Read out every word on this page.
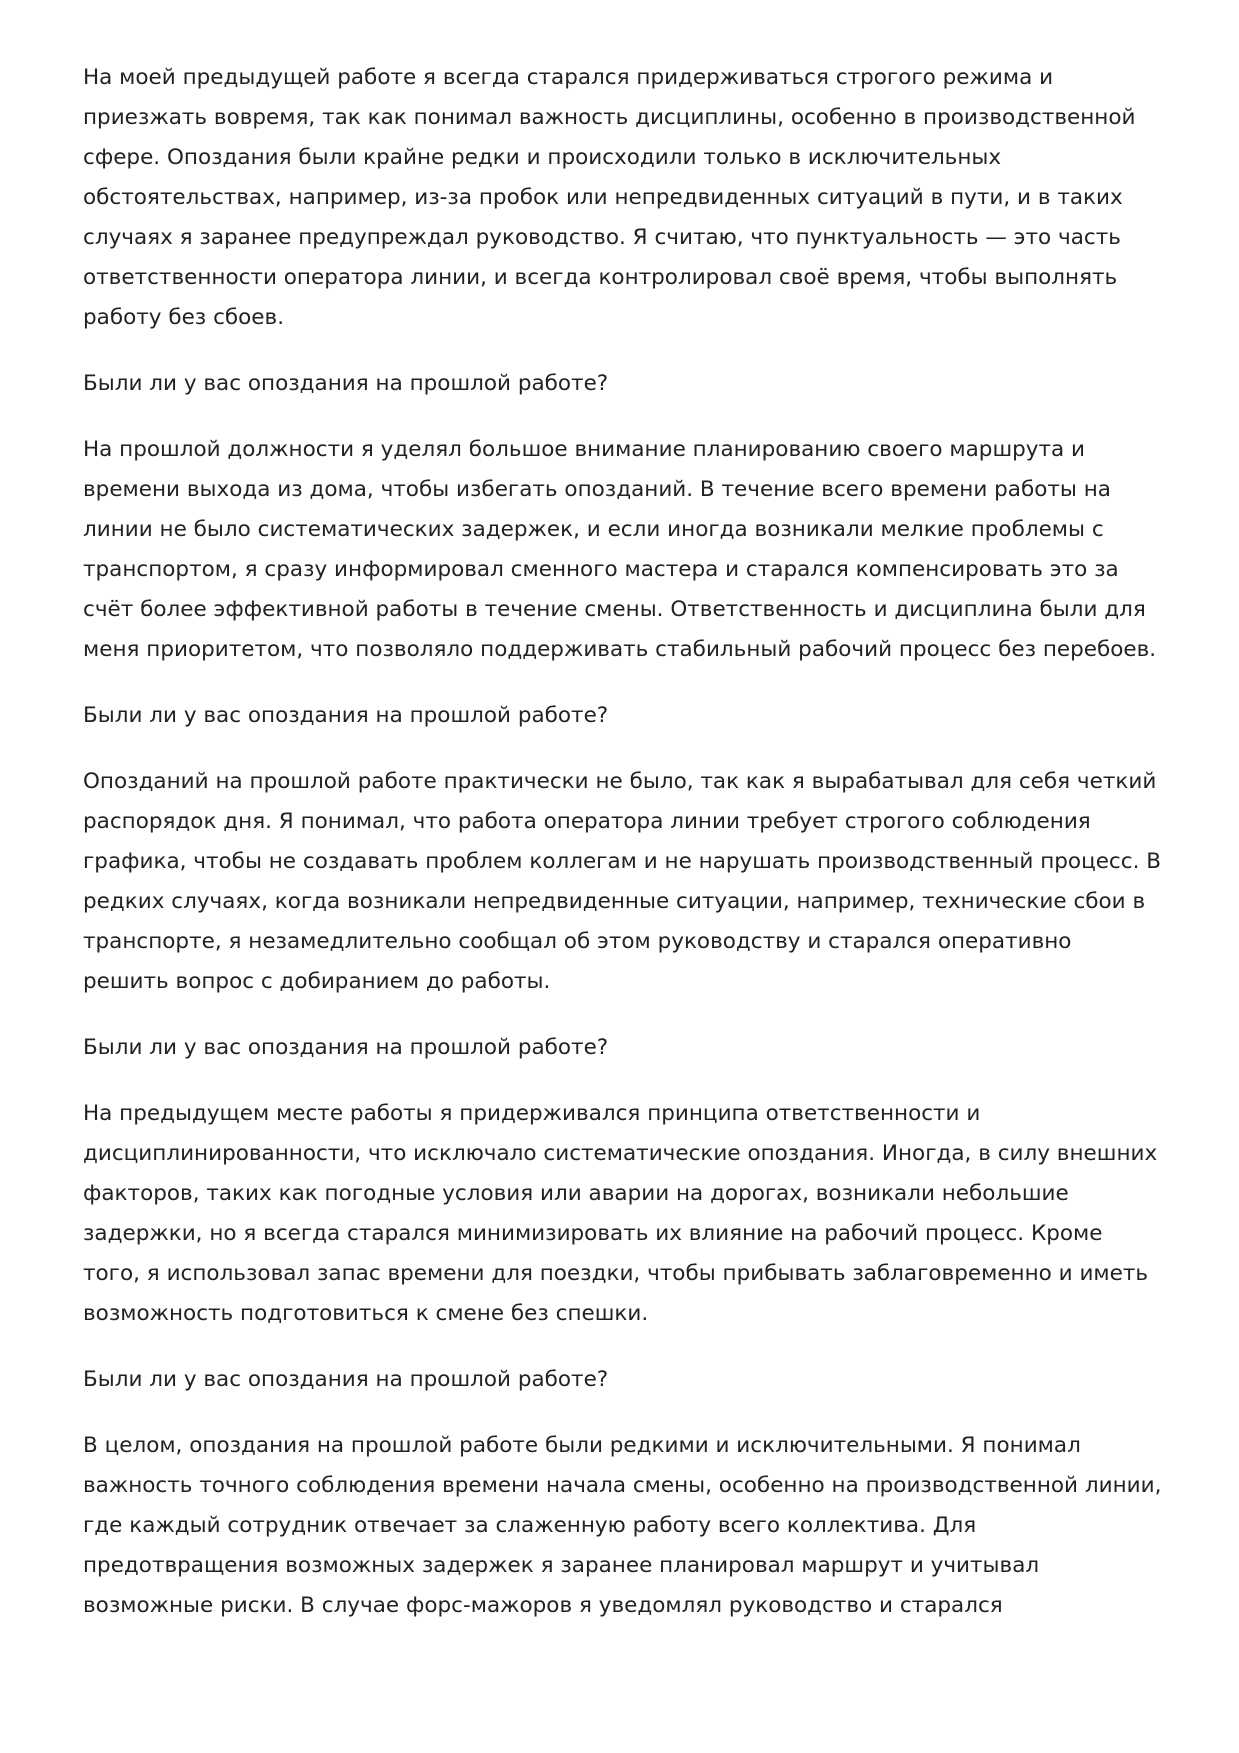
На моей предыдущей работе я всегда старался придерживаться строгого режима и приезжать вовремя, так как понимал важность дисциплины, особенно в производственной сфере. Опоздания были крайне редки и происходили только в исключительных обстоятельствах, например, из-за пробок или непредвиденных ситуаций в пути, и в таких случаях я заранее предупреждал руководство. Я считаю, что пунктуальность — это часть ответственности оператора линии, и всегда контролировал своё время, чтобы выполнять работу без сбоев.

Были ли у вас опоздания на прошлой работе?

На прошлой должности я уделял большое внимание планированию своего маршрута и времени выхода из дома, чтобы избегать опозданий. В течение всего времени работы на линии не было систематических задержек, и если иногда возникали мелкие проблемы с транспортом, я сразу информировал сменного мастера и старался компенсировать это за счёт более эффективной работы в течение смены. Ответственность и дисциплина были для меня приоритетом, что позволяло поддерживать стабильный рабочий процесс без перебоев.

Были ли у вас опоздания на прошлой работе?

Опозданий на прошлой работе практически не было, так как я вырабатывал для себя четкий распорядок дня. Я понимал, что работа оператора линии требует строгого соблюдения графика, чтобы не создавать проблем коллегам и не нарушать производственный процесс. В редких случаях, когда возникали непредвиденные ситуации, например, технические сбои в транспорте, я незамедлительно сообщал об этом руководству и старался оперативно решить вопрос с добиранием до работы.

Были ли у вас опоздания на прошлой работе?

На предыдущем месте работы я придерживался принципа ответственности и дисциплинированности, что исключало систематические опоздания. Иногда, в силу внешних факторов, таких как погодные условия или аварии на дорогах, возникали небольшие задержки, но я всегда старался минимизировать их влияние на рабочий процесс. Кроме того, я использовал запас времени для поездки, чтобы прибывать заблаговременно и иметь возможность подготовиться к смене без спешки.

Были ли у вас опоздания на прошлой работе?

В целом, опоздания на прошлой работе были редкими и исключительными. Я понимал важность точного соблюдения времени начала смены, особенно на производственной линии, где каждый сотрудник отвечает за слаженную работу всего коллектива. Для предотвращения возможных задержек я заранее планировал маршрут и учитывал возможные риски. В случае форс-мажоров я уведомлял руководство и старался
